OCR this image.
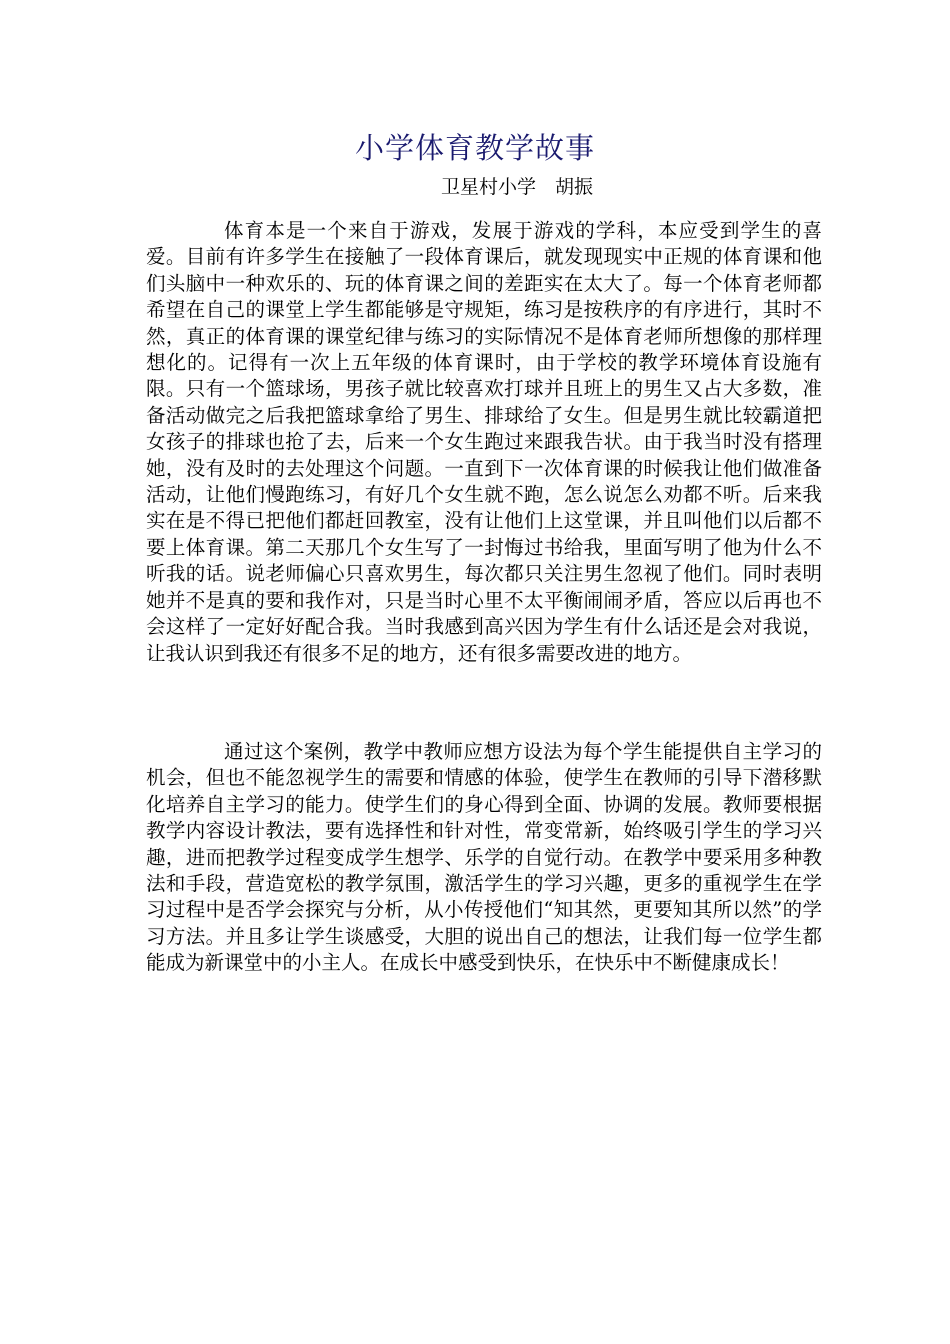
小学体育教学故事

卫星村小学　胡振

体育本是一个来自于游戏，发展于游戏的学科，本应受到学生的喜爱。目前有许多学生在接触了一段体育课后，就发现现实中正规的体育课和他们头脑中一种欢乐的、玩的体育课之间的差距实在太大了。每一个体育老师都希望在自己的课堂上学生都能够是守规矩，练习是按秩序的有序进行，其时不然，真正的体育课的课堂纪律与练习的实际情况不是体育老师所想像的那样理想化的。记得有一次上五年级的体育课时，由于学校的教学环境体育设施有限。只有一个篮球场，男孩子就比较喜欢打球并且班上的男生又占大多数，准备活动做完之后我把篮球拿给了男生、排球给了女生。但是男生就比较霸道把女孩子的排球也抢了去，后来一个女生跑过来跟我告状。由于我当时没有搭理她，没有及时的去处理这个问题。一直到下一次体育课的时候我让他们做准备活动，让他们慢跑练习，有好几个女生就不跑，怎么说怎么劝都不听。后来我实在是不得已把他们都赶回教室，没有让他们上这堂课，并且叫他们以后都不要上体育课。第二天那几个女生写了一封悔过书给我，里面写明了他为什么不听我的话。说老师偏心只喜欢男生，每次都只关注男生忽视了他们。同时表明她并不是真的要和我作对，只是当时心里不太平衡闹闹矛盾，答应以后再也不会这样了一定好好配合我。当时我感到高兴因为学生有什么话还是会对我说，让我认识到我还有很多不足的地方，还有很多需要改进的地方。

通过这个案例，教学中教师应想方设法为每个学生能提供自主学习的机会，但也不能忽视学生的需要和情感的体验，使学生在教师的引导下潜移默化培养自主学习的能力。使学生们的身心得到全面、协调的发展。教师要根据教学内容设计教法，要有选择性和针对性，常变常新，始终吸引学生的学习兴趣，进而把教学过程变成学生想学、乐学的自觉行动。在教学中要采用多种教法和手段，营造宽松的教学氛围，激活学生的学习兴趣，更多的重视学生在学习过程中是否学会探究与分析，从小传授他们“知其然，更要知其所以然”的学习方法。并且多让学生谈感受，大胆的说出自己的想法，让我们每一位学生都能成为新课堂中的小主人。在成长中感受到快乐，在快乐中不断健康成长！
